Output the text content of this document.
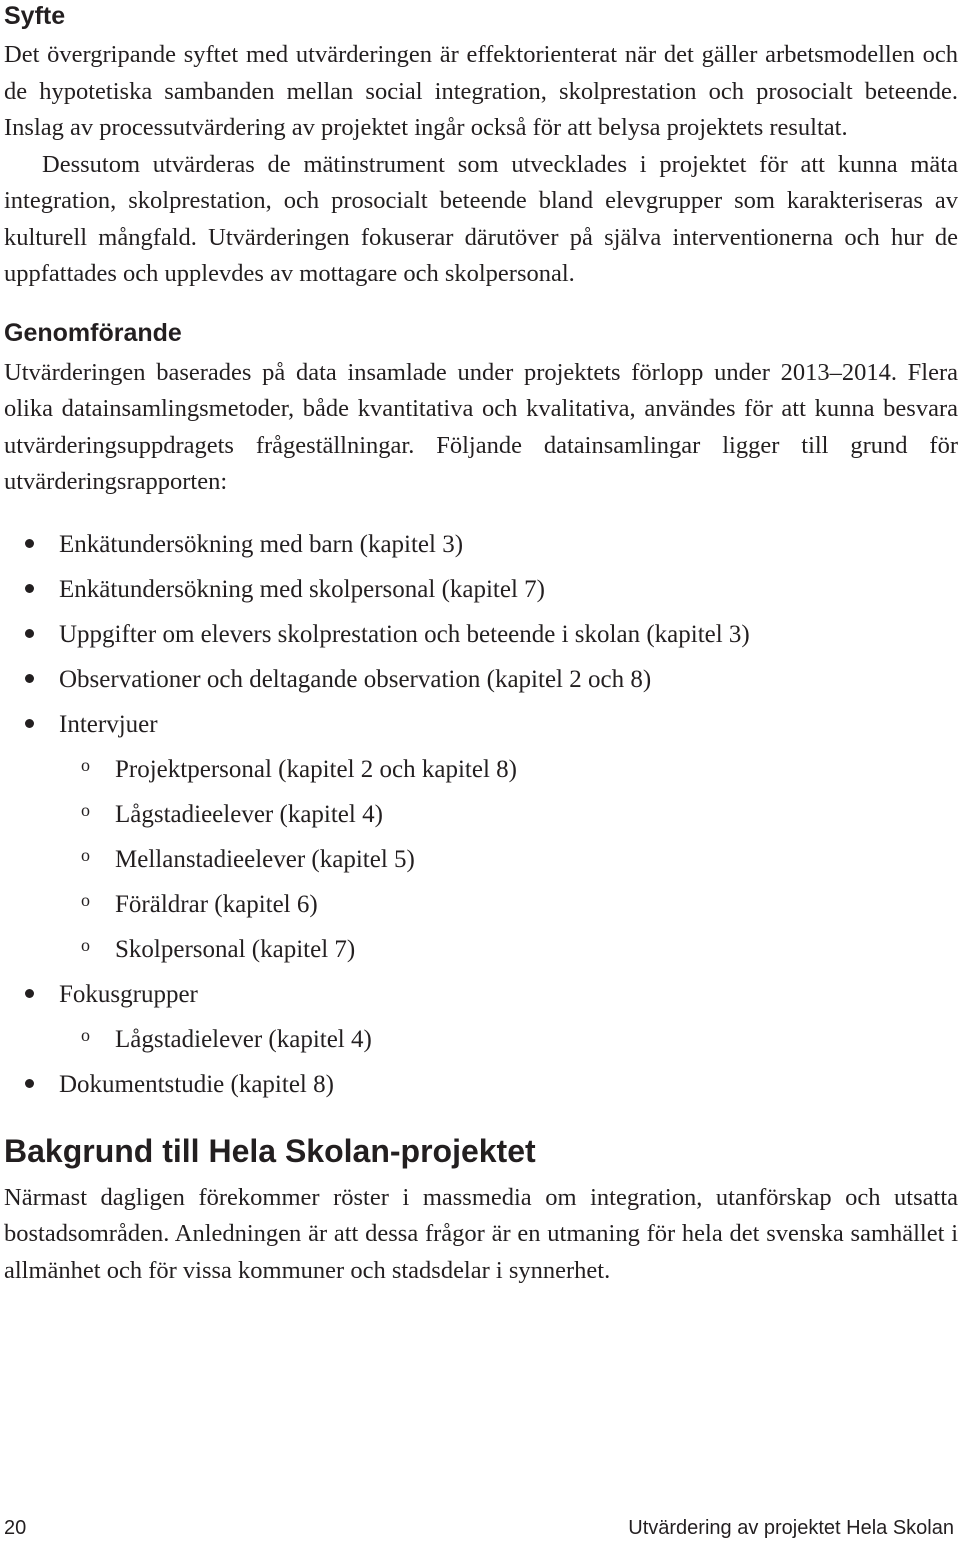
Syfte

Det övergripande syftet med utvärderingen är effektorienterat när det gäller arbetsmodellen och de hypotetiska sambanden mellan social integration, skolprestation och prosocialt beteende. Inslag av processutvärdering av projektet ingår också för att belysa projektets resultat.

Dessutom utvärderas de mätinstrument som utvecklades i projektet för att kunna mäta integration, skolprestation, och prosocialt beteende bland elevgrupper som karakteriseras av kulturell mångfald. Utvärderingen fokuserar därutöver på själva interventionerna och hur de uppfattades och upplevdes av mottagare och skolpersonal.

Genomförande

Utvärderingen baserades på data insamlade under projektets förlopp under 2013–2014. Flera olika datainsamlingsmetoder, både kvantitativa och kvalitativa, användes för att kunna besvara utvärderingsuppdragets frågeställningar. Följande datainsamlingar ligger till grund för utvärderingsrapporten:

Enkätundersökning med barn (kapitel 3)
Enkätundersökning med skolpersonal (kapitel 7)
Uppgifter om elevers skolprestation och beteende i skolan (kapitel 3)
Observationer och deltagande observation (kapitel 2 och 8)
Intervjuer
o Projektpersonal (kapitel 2 och kapitel 8)
o Lågstadieelever (kapitel 4)
o Mellanstadieelever (kapitel 5)
o Föräldrar (kapitel 6)
o Skolpersonal (kapitel 7)
Fokusgrupper
o Lågstadielever (kapitel 4)
Dokumentstudie (kapitel 8)
Bakgrund till Hela Skolan-projektet

Närmast dagligen förekommer röster i massmedia om integration, utanförskap och utsatta bostadsområden. Anledningen är att dessa frågor är en utmaning för hela det svenska samhället i allmänhet och för vissa kommuner och stadsdelar i synnerhet.

20	Utvärdering av projektet Hela Skolan
